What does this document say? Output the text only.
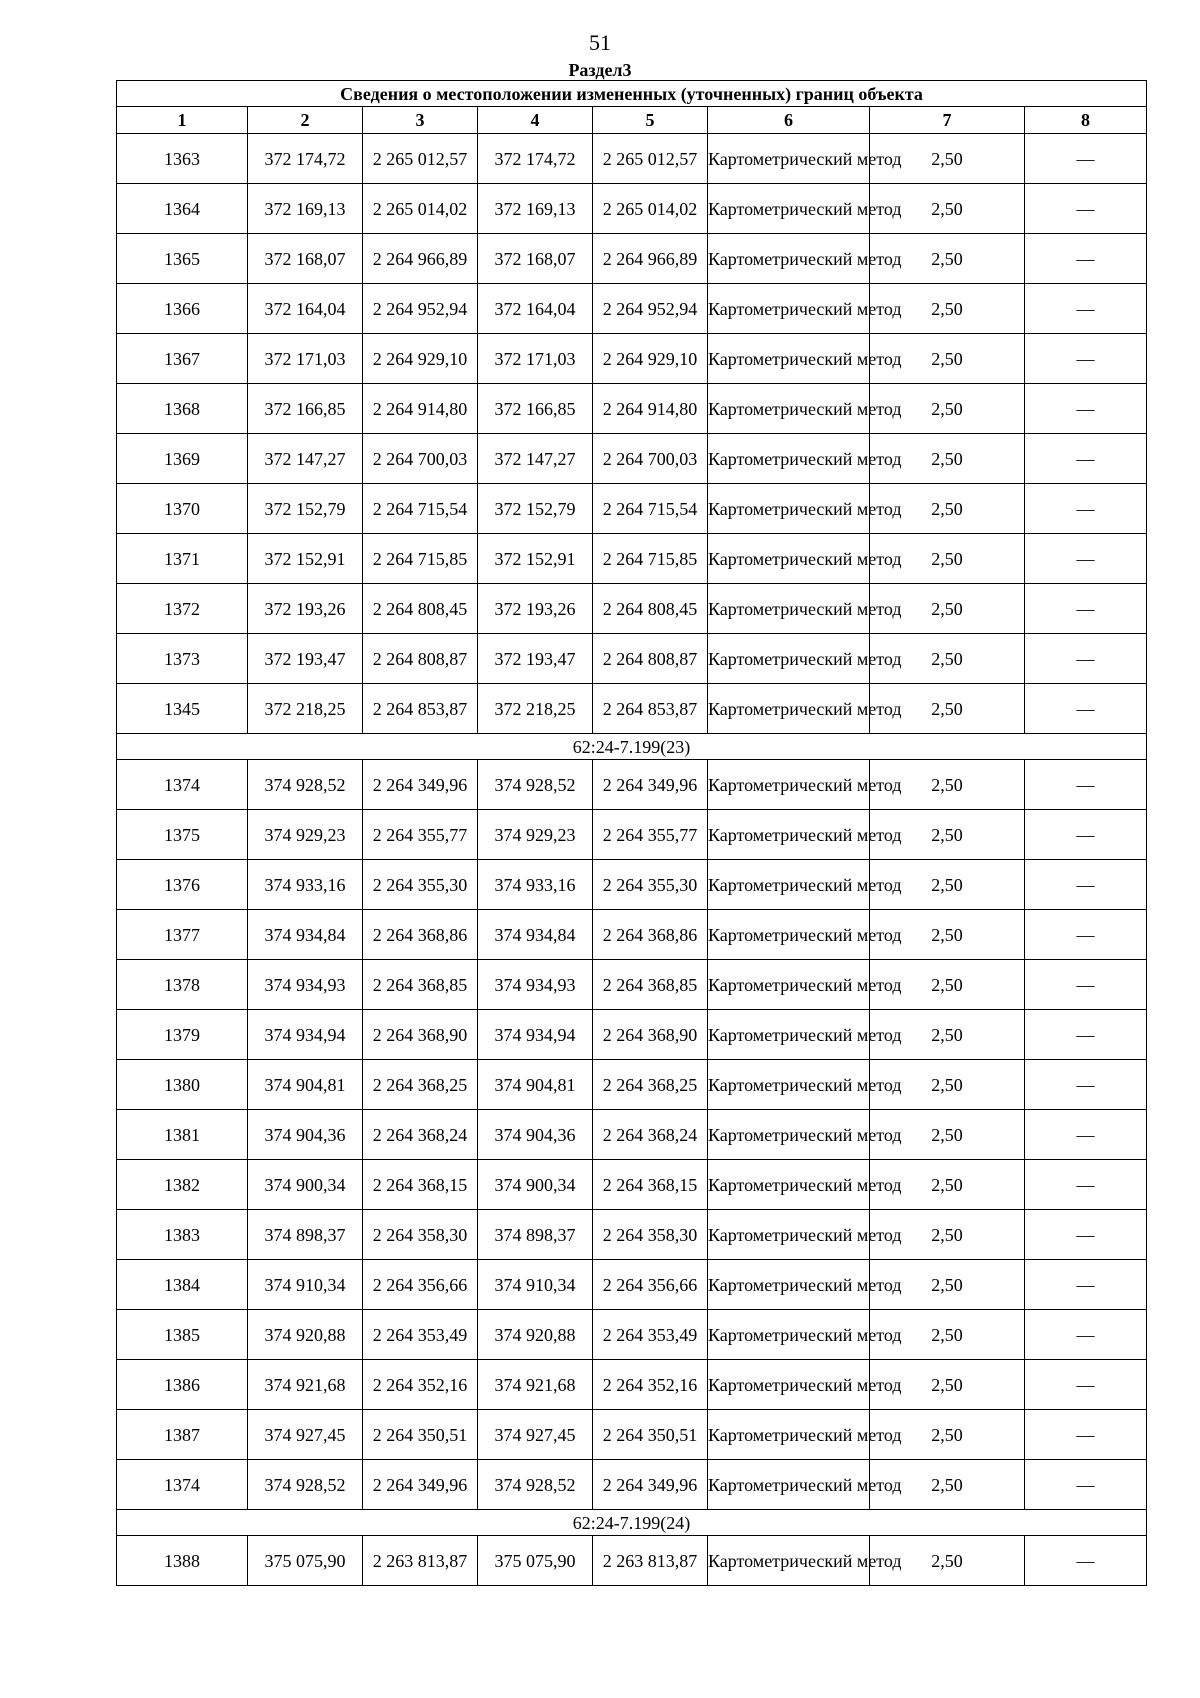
51
Раздел3
Сведения о местоположении измененных (уточненных) границ объекта							
1	2	3	4	5	6	7	8
1363	372 174,72	2 265 012,57	372 174,72	2 265 012,57	Картометрический метод	2,50	—
1364	372 169,13	2 265 014,02	372 169,13	2 265 014,02	Картометрический метод	2,50	—
1365	372 168,07	2 264 966,89	372 168,07	2 264 966,89	Картометрический метод	2,50	—
1366	372 164,04	2 264 952,94	372 164,04	2 264 952,94	Картометрический метод	2,50	—
1367	372 171,03	2 264 929,10	372 171,03	2 264 929,10	Картометрический метод	2,50	—
1368	372 166,85	2 264 914,80	372 166,85	2 264 914,80	Картометрический метод	2,50	—
1369	372 147,27	2 264 700,03	372 147,27	2 264 700,03	Картометрический метод	2,50	—
1370	372 152,79	2 264 715,54	372 152,79	2 264 715,54	Картометрический метод	2,50	—
1371	372 152,91	2 264 715,85	372 152,91	2 264 715,85	Картометрический метод	2,50	—
1372	372 193,26	2 264 808,45	372 193,26	2 264 808,45	Картометрический метод	2,50	—
1373	372 193,47	2 264 808,87	372 193,47	2 264 808,87	Картометрический метод	2,50	—
1345	372 218,25	2 264 853,87	372 218,25	2 264 853,87	Картометрический метод	2,50	—
62:24-7.199(23)							
1374	374 928,52	2 264 349,96	374 928,52	2 264 349,96	Картометрический метод	2,50	—
1375	374 929,23	2 264 355,77	374 929,23	2 264 355,77	Картометрический метод	2,50	—
1376	374 933,16	2 264 355,30	374 933,16	2 264 355,30	Картометрический метод	2,50	—
1377	374 934,84	2 264 368,86	374 934,84	2 264 368,86	Картометрический метод	2,50	—
1378	374 934,93	2 264 368,85	374 934,93	2 264 368,85	Картометрический метод	2,50	—
1379	374 934,94	2 264 368,90	374 934,94	2 264 368,90	Картометрический метод	2,50	—
1380	374 904,81	2 264 368,25	374 904,81	2 264 368,25	Картометрический метод	2,50	—
1381	374 904,36	2 264 368,24	374 904,36	2 264 368,24	Картометрический метод	2,50	—
1382	374 900,34	2 264 368,15	374 900,34	2 264 368,15	Картометрический метод	2,50	—
1383	374 898,37	2 264 358,30	374 898,37	2 264 358,30	Картометрический метод	2,50	—
1384	374 910,34	2 264 356,66	374 910,34	2 264 356,66	Картометрический метод	2,50	—
1385	374 920,88	2 264 353,49	374 920,88	2 264 353,49	Картометрический метод	2,50	—
1386	374 921,68	2 264 352,16	374 921,68	2 264 352,16	Картометрический метод	2,50	—
1387	374 927,45	2 264 350,51	374 927,45	2 264 350,51	Картометрический метод	2,50	—
1374	374 928,52	2 264 349,96	374 928,52	2 264 349,96	Картометрический метод	2,50	—
62:24-7.199(24)							
1388	375 075,90	2 263 813,87	375 075,90	2 263 813,87	Картометрический метод	2,50	—
